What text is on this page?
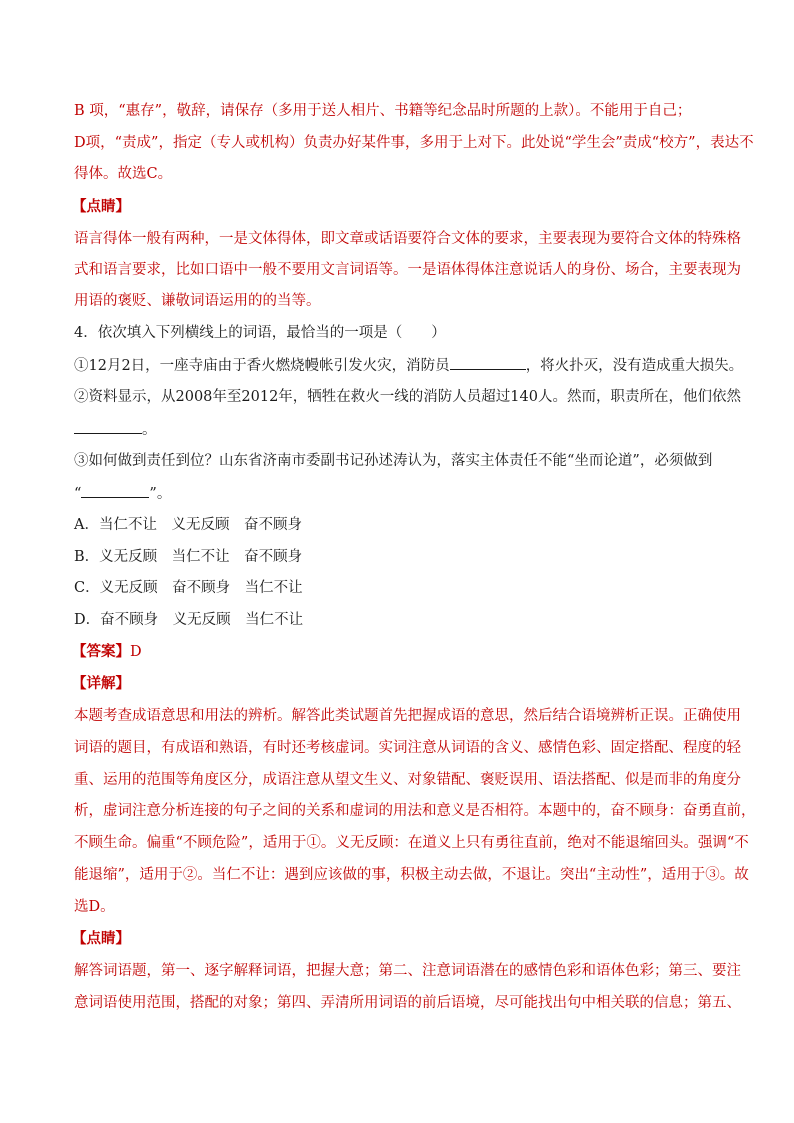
B 项，“惠存”，敬辞，请保存（多用于送人相片、书籍等纪念品时所题的上款）。不能用于自己；
D项，“责成”，指定（专人或机构）负责办好某件事，多用于上对下。此处说“学生会”责成“校方”，表达不
得体。故选C。
【点睛】
语言得体一般有两种，一是文体得体，即文章或话语要符合文体的要求，主要表现为要符合文体的特殊格
式和语言要求，比如口语中一般不要用文言词语等。一是语体得体注意说话人的身份、场合，主要表现为
用语的褒贬、谦敬词语运用的的当等。
4．依次填入下列横线上的词语，最恰当的一项是（　　）
①12月2日，一座寺庙由于香火燃烧幔帐引发火灾，消防员	，将火扑灭，没有造成重大损失。
②资料显示，从2008年至2012年，牺牲在救火一线的消防人员超过140人。然而，职责所在，他们依然
。
③如何做到责任到位？山东省济南市委副书记孙述涛认为，落实主体责任不能“坐而论道”，必须做到
“	”。
A．当仁不让　义无反顾　奋不顾身
B．义无反顾　当仁不让　奋不顾身
C．义无反顾　奋不顾身　当仁不让
D．奋不顾身　义无反顾　当仁不让
【答案】D
【详解】
本题考查成语意思和用法的辨析。解答此类试题首先把握成语的意思，然后结合语境辨析正误。正确使用
词语的题目，有成语和熟语，有时还考核虚词。实词注意从词语的含义、感情色彩、固定搭配、程度的轻
重、运用的范围等角度区分，成语注意从望文生义、对象错配、褒贬误用、语法搭配、似是而非的角度分
析，虚词注意分析连接的句子之间的关系和虚词的用法和意义是否相符。本题中的，奋不顾身：奋勇直前，
不顾生命。偏重“不顾危险”，适用于①。义无反顾：在道义上只有勇往直前，绝对不能退缩回头。强调“不
能退缩”，适用于②。当仁不让：遇到应该做的事，积极主动去做，不退让。突出“主动性”，适用于③。故
选D。
【点睛】
解答词语题，第一、逐字解释词语，把握大意；第二、注意词语潜在的感情色彩和语体色彩；第三、要注
意词语使用范围，搭配的对象；第四、弄清所用词语的前后语境，尽可能找出句中相关联的信息；第五、
